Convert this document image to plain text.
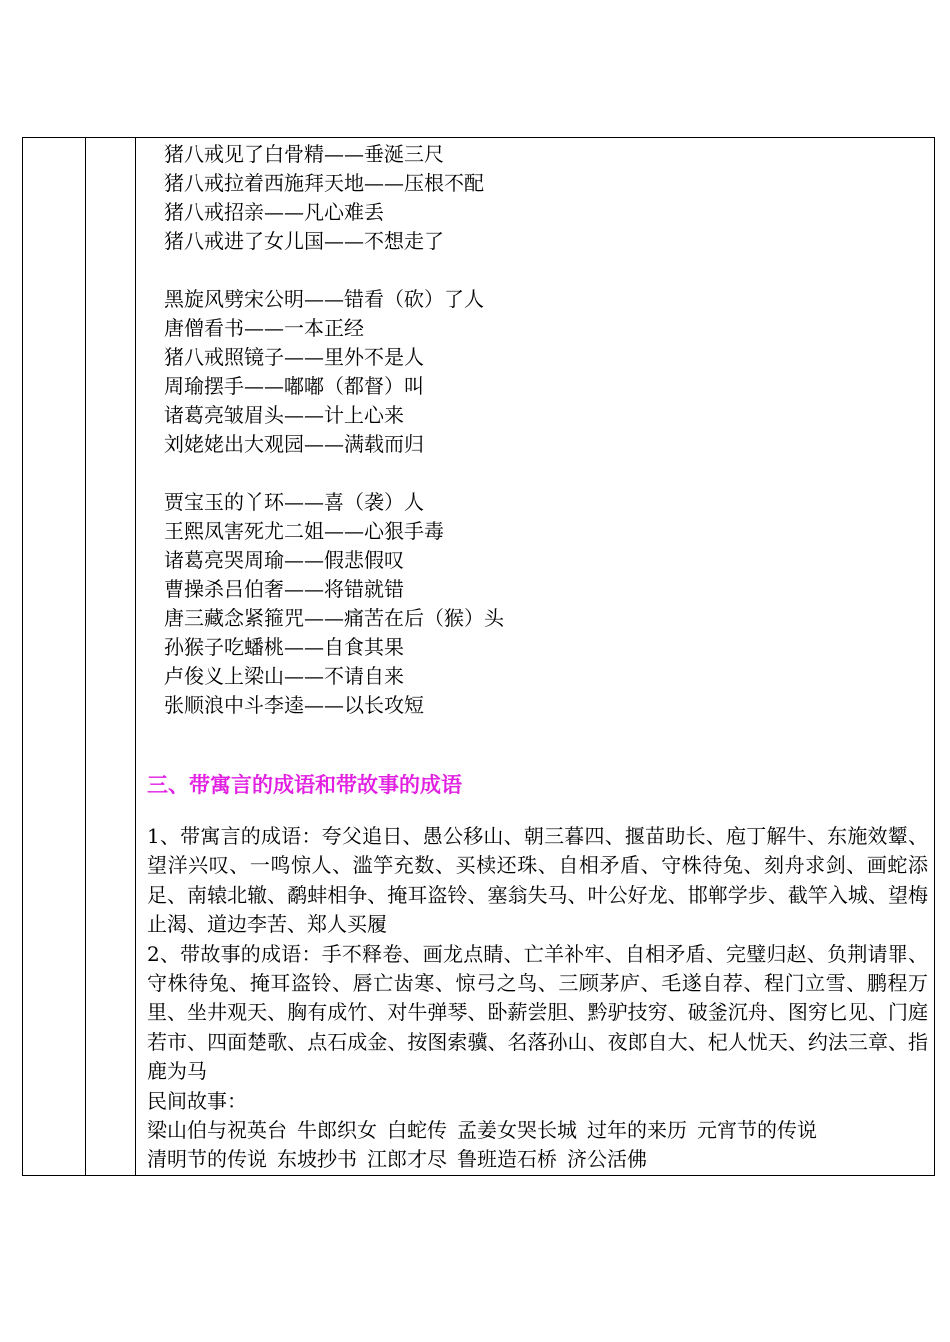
猪八戒见了白骨精——垂涎三尺
猪八戒拉着西施拜天地——压根不配
猪八戒招亲——凡心难丢
猪八戒进了女儿国——不想走了
黑旋风劈宋公明——错看（砍）了人
唐僧看书——一本正经
猪八戒照镜子——里外不是人
周瑜摆手——嘟嘟（都督）叫
诸葛亮皱眉头——计上心来
刘姥姥出大观园——满载而归
贾宝玉的丫环——喜（袭）人
王熙凤害死尤二姐——心狠手毒
诸葛亮哭周瑜——假悲假叹
曹操杀吕伯奢——将错就错
唐三藏念紧箍咒——痛苦在后（猴）头
孙猴子吃蟠桃——自食其果
卢俊义上梁山——不请自来
张顺浪中斗李逵——以长攻短
三、带寓言的成语和带故事的成语

1、带寓言的成语：夸父追日、愚公移山、朝三暮四、揠苗助长、庖丁解牛、东施效颦、望洋兴叹、一鸣惊人、滥竽充数、买椟还珠、自相矛盾、守株待兔、刻舟求剑、画蛇添足、南辕北辙、鹬蚌相争、掩耳盗铃、塞翁失马、叶公好龙、邯郸学步、截竿入城、望梅止渴、道边李苦、郑人买履

2、带故事的成语：手不释卷、画龙点睛、亡羊补牢、自相矛盾、完璧归赵、负荆请罪、守株待兔、掩耳盗铃、唇亡齿寒、惊弓之鸟、三顾茅庐、毛遂自荐、程门立雪、鹏程万里、坐井观天、胸有成竹、对牛弹琴、卧薪尝胆、黔驴技穷、破釜沉舟、图穷匕见、门庭若市、四面楚歌、点石成金、按图索骥、名落孙山、夜郎自大、杞人忧天、约法三章、指鹿为马

民间故事：

梁山伯与祝英台 牛郎织女 白蛇传 孟姜女哭长城 过年的来历 元宵节的传说

清明节的传说 东坡抄书 江郎才尽 鲁班造石桥 济公活佛
